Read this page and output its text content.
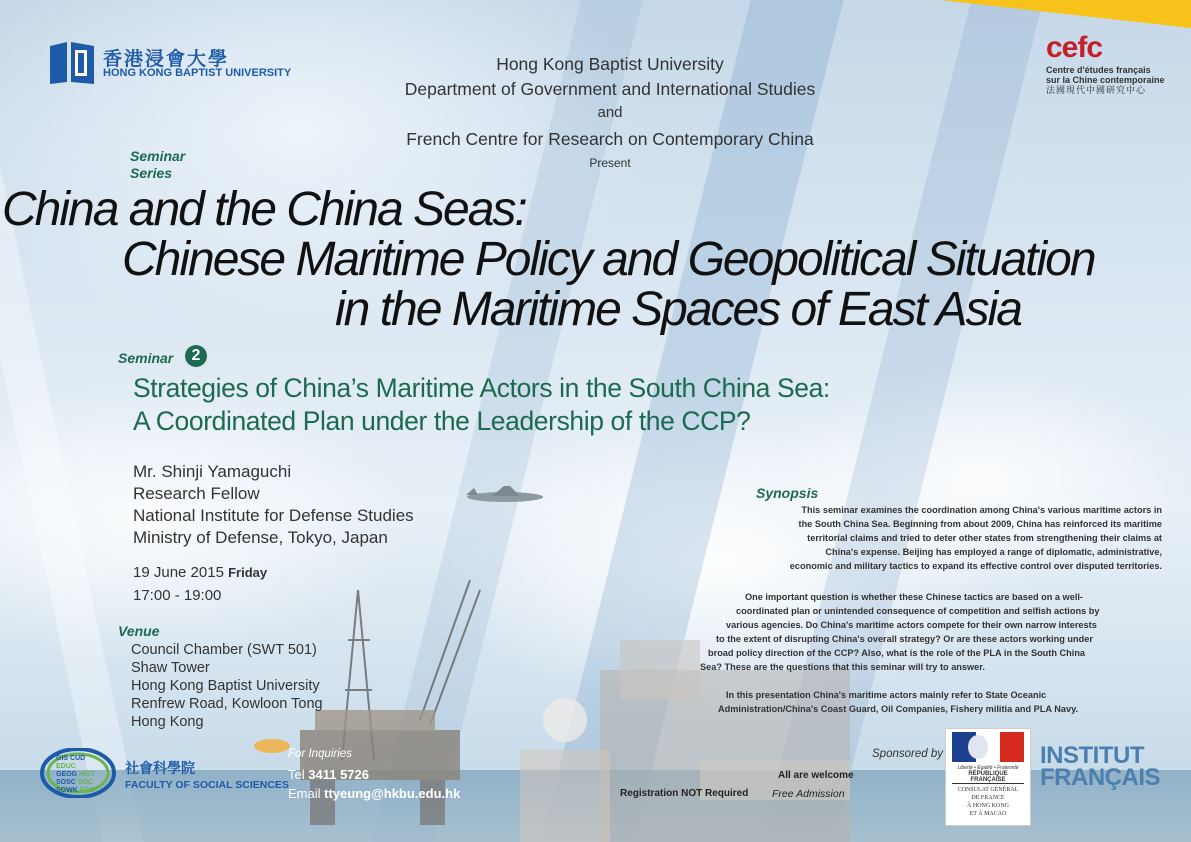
香港浸會大學
HONG KONG BAPTIST UNIVERSITY
cefc
Centre d'études français
sur la Chine contemporaine
法國現代中國研究中心
Hong Kong Baptist University
Department of Government and International Studies
and
French Centre for Research on Contemporary China
Present
Seminar
Series
China and the China Seas:
Chinese Maritime Policy and Geopolitical Situation
in the Maritime Spaces of East Asia
Seminar	2
Strategies of China’s Maritime Actors in the South China Sea:
A Coordinated Plan under the Leadership of the CCP?
Mr. Shinji Yamaguchi
Research Fellow
National Institute for Defense Studies
Ministry of Defense, Tokyo, Japan
19 June 2015 Friday
17:00 - 19:00
Venue
Council Chamber (SWT 501)
Shaw Tower
Hong Kong Baptist University
Renfrew Road, Kowloon Tong
Hong Kong
Synopsis
This seminar examines the coordination among China's various maritime actors in
the South China Sea. Beginning from about 2009, China has reinforced its maritime
territorial claims and tried to deter other states from strengthening their claims at
China's expense. Beijing has employed a range of diplomatic, administrative,
economic and military tactics to expand its effective control over disputed territories.
One important question is whether these Chinese tactics are based on a well-
coordinated plan or unintended consequence of competition and selfish actions by
various agencies. Do China's maritime actors compete for their own narrow interests
to the extent of disrupting China's overall strategy? Or are these actors working under
broad policy direction of the CCP? Also, what is the role of the PLA in the South China
Sea? These are the questions that this seminar will try to answer.
In this presentation China's maritime actors mainly refer to State Oceanic
Administration/China's Coast Guard, Oil Companies, Fishery militia and PLA Navy.
GIS CUD EDUC
GEOG HIST
SOSC SOC SOWK ECO
社會科學院
FACULTY OF SOCIAL SCIENCES
For Inquiries
Tel 3411 5726
Email ttyeung@hkbu.edu.hk	Registration NOT Required
All are welcome
Free Admission
Sponsored by
Liberté • Égalité • Fraternité
RÉPUBLIQUE FRANÇAISE
CONSULAT GÉNÉRAL
DE FRANCE
À HONG KONG
ET À MACAO
INSTITUT
FRANÇAIS
